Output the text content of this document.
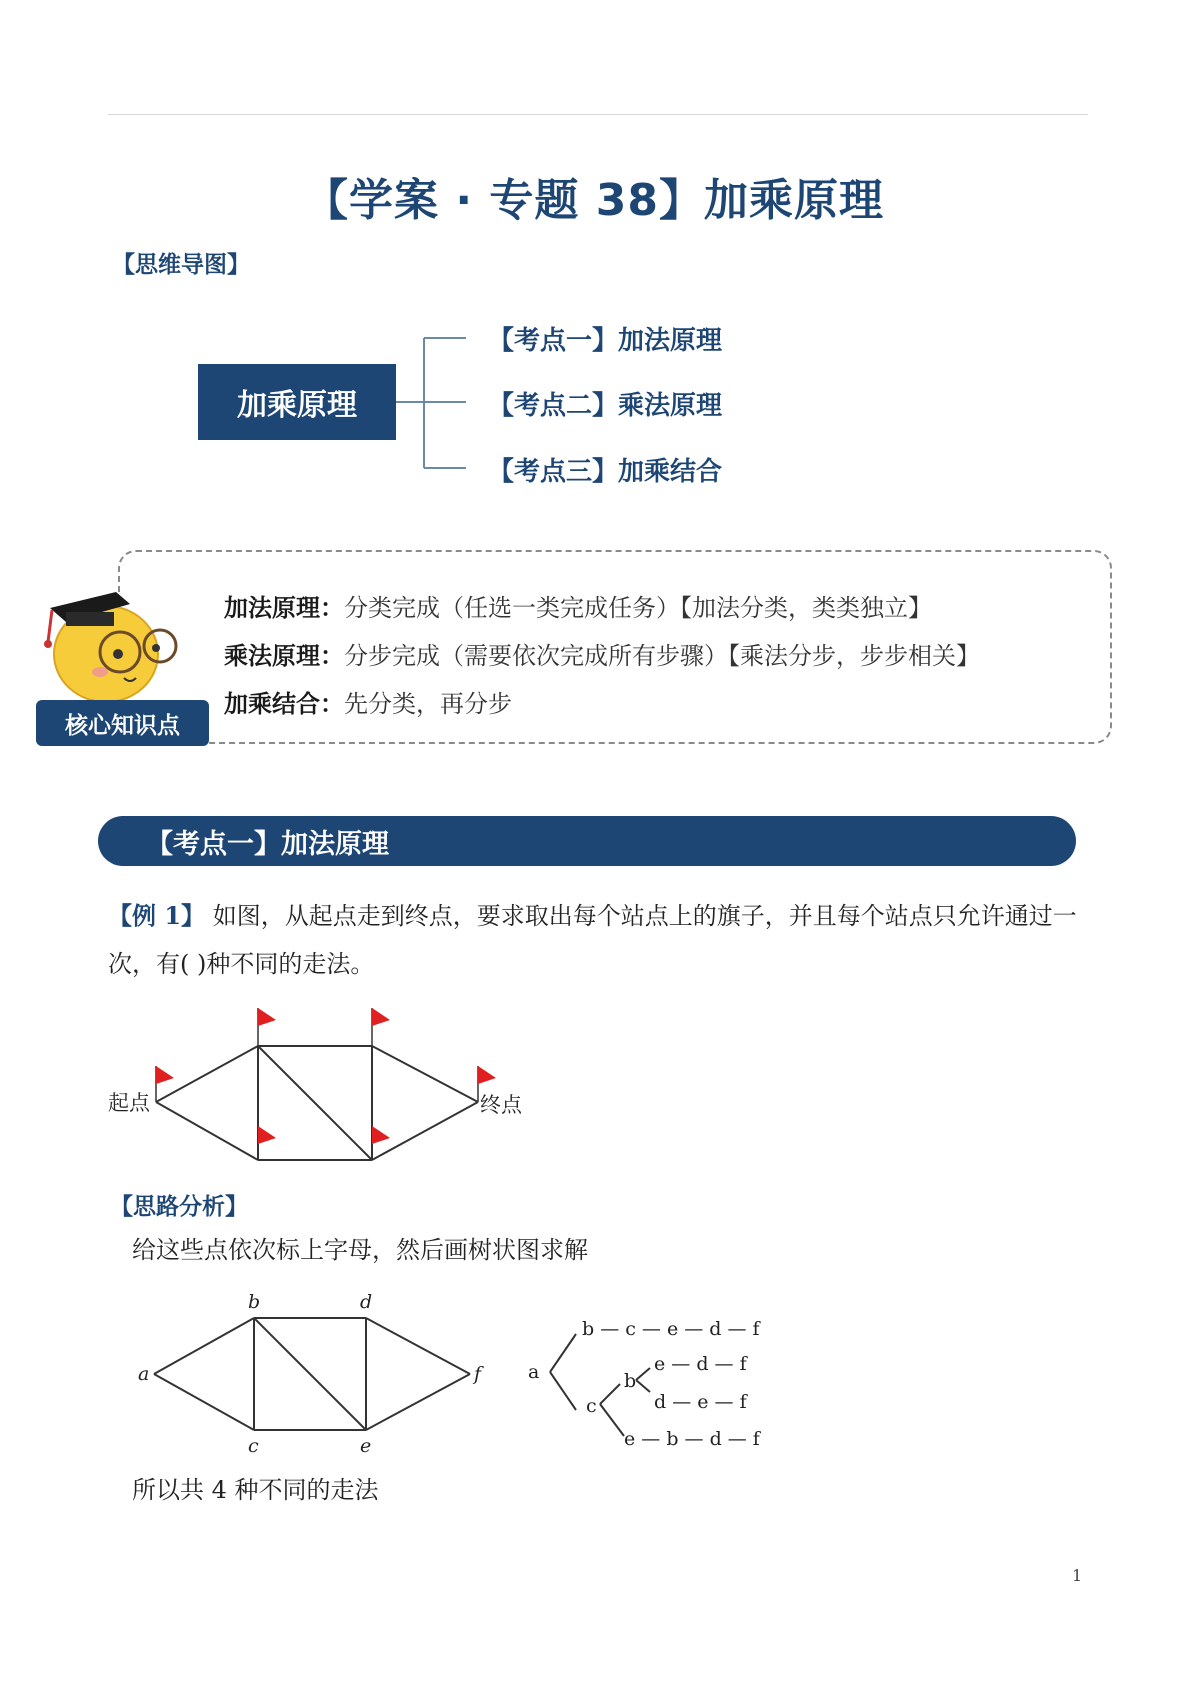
【学案 · 专题 38】加乘原理
【思维导图】
加乘原理
【考点一】加法原理
【考点二】乘法原理
【考点三】加乘结合
核心知识点
加法原理：分类完成（任选一类完成任务）【加法分类，类类独立】
乘法原理：分步完成（需要依次完成所有步骤）【乘法分步，步步相关】
加乘结合：先分类，再分步
【考点一】加法原理
【例 1】 如图，从起点走到终点，要求取出每个站点上的旗子，并且每个站点只允许通过一
次，有( )种不同的走法。
起点	终点
【思路分析】
给这些点依次标上字母，然后画树状图求解
a
b
c
d
e
f a
b — c — e — d — f
c
b
e — d — f
d — e — f
e — b — d — f
所以共 4 种不同的走法
1
